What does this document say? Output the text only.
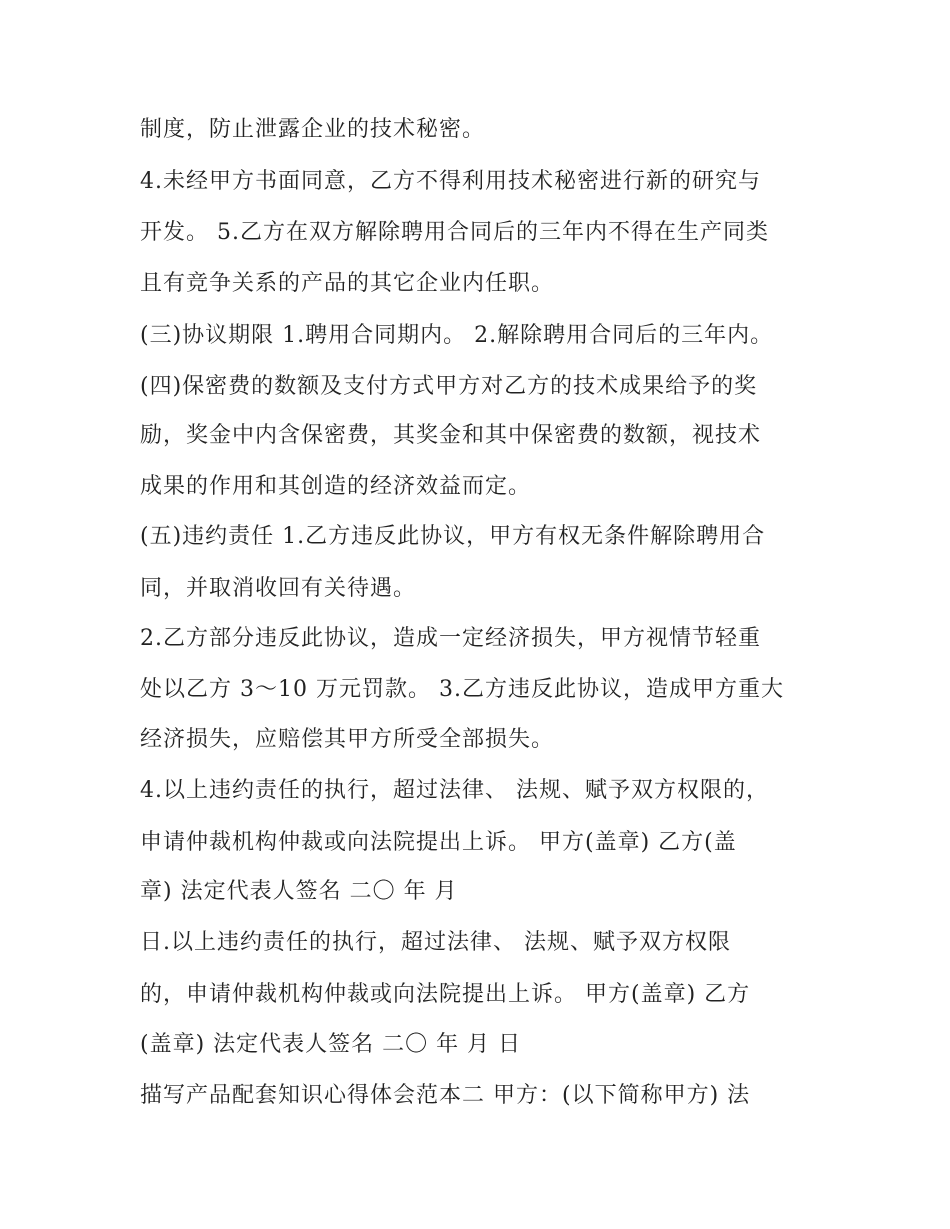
制度，防止泄露企业的技术秘密。

4.未经甲方书面同意，乙方不得利用技术秘密进行新的研究与

开发。 5.乙方在双方解除聘用合同后的三年内不得在生产同类

且有竞争关系的产品的其它企业内任职。

(三)协议期限 1.聘用合同期内。 2.解除聘用合同后的三年内。

(四)保密费的数额及支付方式甲方对乙方的技术成果给予的奖

励，奖金中内含保密费，其奖金和其中保密费的数额，视技术

成果的作用和其创造的经济效益而定。

(五)违约责任 1.乙方违反此协议，甲方有权无条件解除聘用合

同，并取消收回有关待遇。

2.乙方部分违反此协议，造成一定经济损失，甲方视情节轻重

处以乙方 3～10 万元罚款。 3.乙方违反此协议，造成甲方重大

经济损失，应赔偿其甲方所受全部损失。

4.以上违约责任的执行，超过法律、 法规、赋予双方权限的，

申请仲裁机构仲裁或向法院提出上诉。 甲方(盖章) 乙方(盖

章) 法定代表人签名 二〇 年 月

日.以上违约责任的执行，超过法律、 法规、赋予双方权限

的，申请仲裁机构仲裁或向法院提出上诉。 甲方(盖章) 乙方

(盖章) 法定代表人签名 二〇 年 月 日

描写产品配套知识心得体会范本二 甲方：(以下简称甲方) 法
